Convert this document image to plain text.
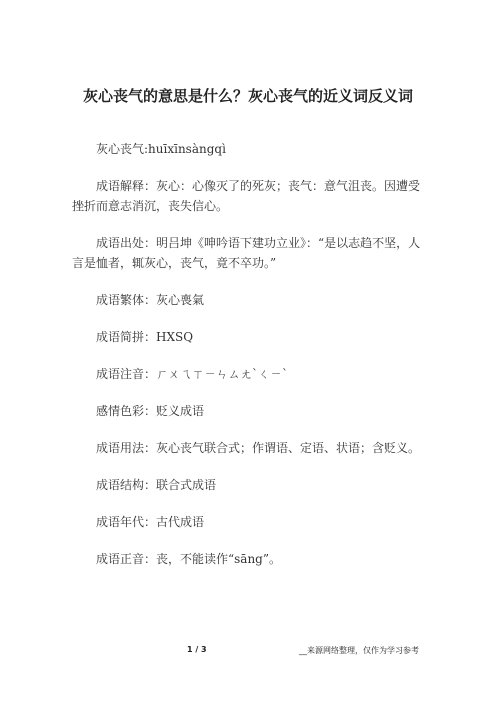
灰心丧气的意思是什么？灰心丧气的近义词反义词

灰心丧气:huīxīnsàngqì

成语解释：灰心：心像灭了的死灰；丧气：意气沮丧。因遭受挫折而意志消沉，丧失信心。

成语出处：明吕坤《呻吟语下建功立业》：“是以志趋不坚，人言是恤者，辄灰心，丧气，竟不卒功。”

成语繁体：灰心喪氣

成语简拼：HXSQ

成语注音：ㄏㄨㄟㄒㄧㄣㄙㄤˋㄑㄧˋ

感情色彩：贬义成语

成语用法：灰心丧气联合式；作谓语、定语、状语；含贬义。

成语结构：联合式成语

成语年代：古代成语

成语正音：丧，不能读作“sāng”。

1 / 3	__来源网络整理，仅作为学习参考
